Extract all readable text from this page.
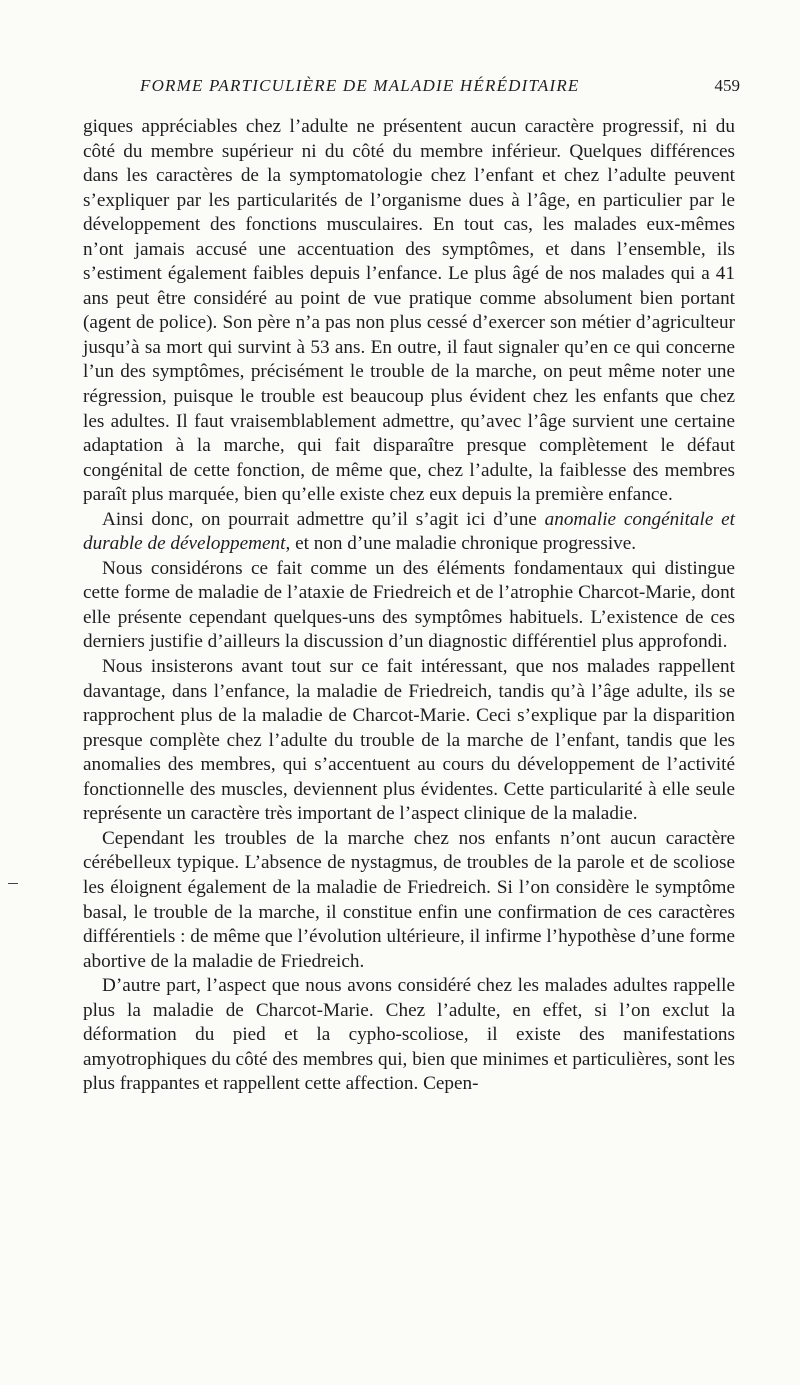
FORME PARTICULIÈRE DE MALADIE HÉRÉDITAIRE	459

giques appréciables chez l’adulte ne présentent aucun caractère progressif, ni du côté du membre supérieur ni du côté du membre inférieur. Quelques différences dans les caractères de la symptomatologie chez l’enfant et chez l’adulte peuvent s’expliquer par les particularités de l’organisme dues à l’âge, en particulier par le développement des fonctions musculaires. En tout cas, les malades eux-mêmes n’ont jamais accusé une accentuation des symptômes, et dans l’ensemble, ils s’estiment également faibles depuis l’enfance. Le plus âgé de nos malades qui a 41 ans peut être considéré au point de vue pratique comme absolument bien portant (agent de police). Son père n’a pas non plus cessé d’exercer son métier d’agriculteur jusqu’à sa mort qui survint à 53 ans. En outre, il faut signaler qu’en ce qui concerne l’un des symptômes, précisément le trouble de la marche, on peut même noter une régression, puisque le trouble est beaucoup plus évident chez les enfants que chez les adultes. Il faut vraisemblablement admettre, qu’avec l’âge survient une certaine adaptation à la marche, qui fait disparaître presque complètement le défaut congénital de cette fonction, de même que, chez l’adulte, la faiblesse des membres paraît plus marquée, bien qu’elle existe chez eux depuis la première enfance.

Ainsi donc, on pourrait admettre qu’il s’agit ici d’une anomalie congénitale et durable de développement, et non d’une maladie chronique progressive.

Nous considérons ce fait comme un des éléments fondamentaux qui distingue cette forme de maladie de l’ataxie de Friedreich et de l’atrophie Charcot-Marie, dont elle présente cependant quelques-uns des symptômes habituels. L’existence de ces derniers justifie d’ailleurs la discussion d’un diagnostic différentiel plus approfondi.

Nous insisterons avant tout sur ce fait intéressant, que nos malades rappellent davantage, dans l’enfance, la maladie de Friedreich, tandis qu’à l’âge adulte, ils se rapprochent plus de la maladie de Charcot-Marie. Ceci s’explique par la disparition presque complète chez l’adulte du trouble de la marche de l’enfant, tandis que les anomalies des membres, qui s’accentuent au cours du développement de l’activité fonctionnelle des muscles, deviennent plus évidentes. Cette particularité à elle seule représente un caractère très important de l’aspect clinique de la maladie.

Cependant les troubles de la marche chez nos enfants n’ont aucun caractère cérébelleux typique. L’absence de nystagmus, de troubles de la parole et de scoliose les éloignent également de la maladie de Friedreich. Si l’on considère le symptôme basal, le trouble de la marche, il constitue enfin une confirmation de ces caractères différentiels : de même que l’évolution ultérieure, il infirme l’hypothèse d’une forme abortive de la maladie de Friedreich.

D’autre part, l’aspect que nous avons considéré chez les malades adultes rappelle plus la maladie de Charcot-Marie. Chez l’adulte, en effet, si l’on exclut la déformation du pied et la cypho-scoliose, il existe des manifestations amyotrophiques du côté des membres qui, bien que minimes et particulières, sont les plus frappantes et rappellent cette affection. Cepen-
